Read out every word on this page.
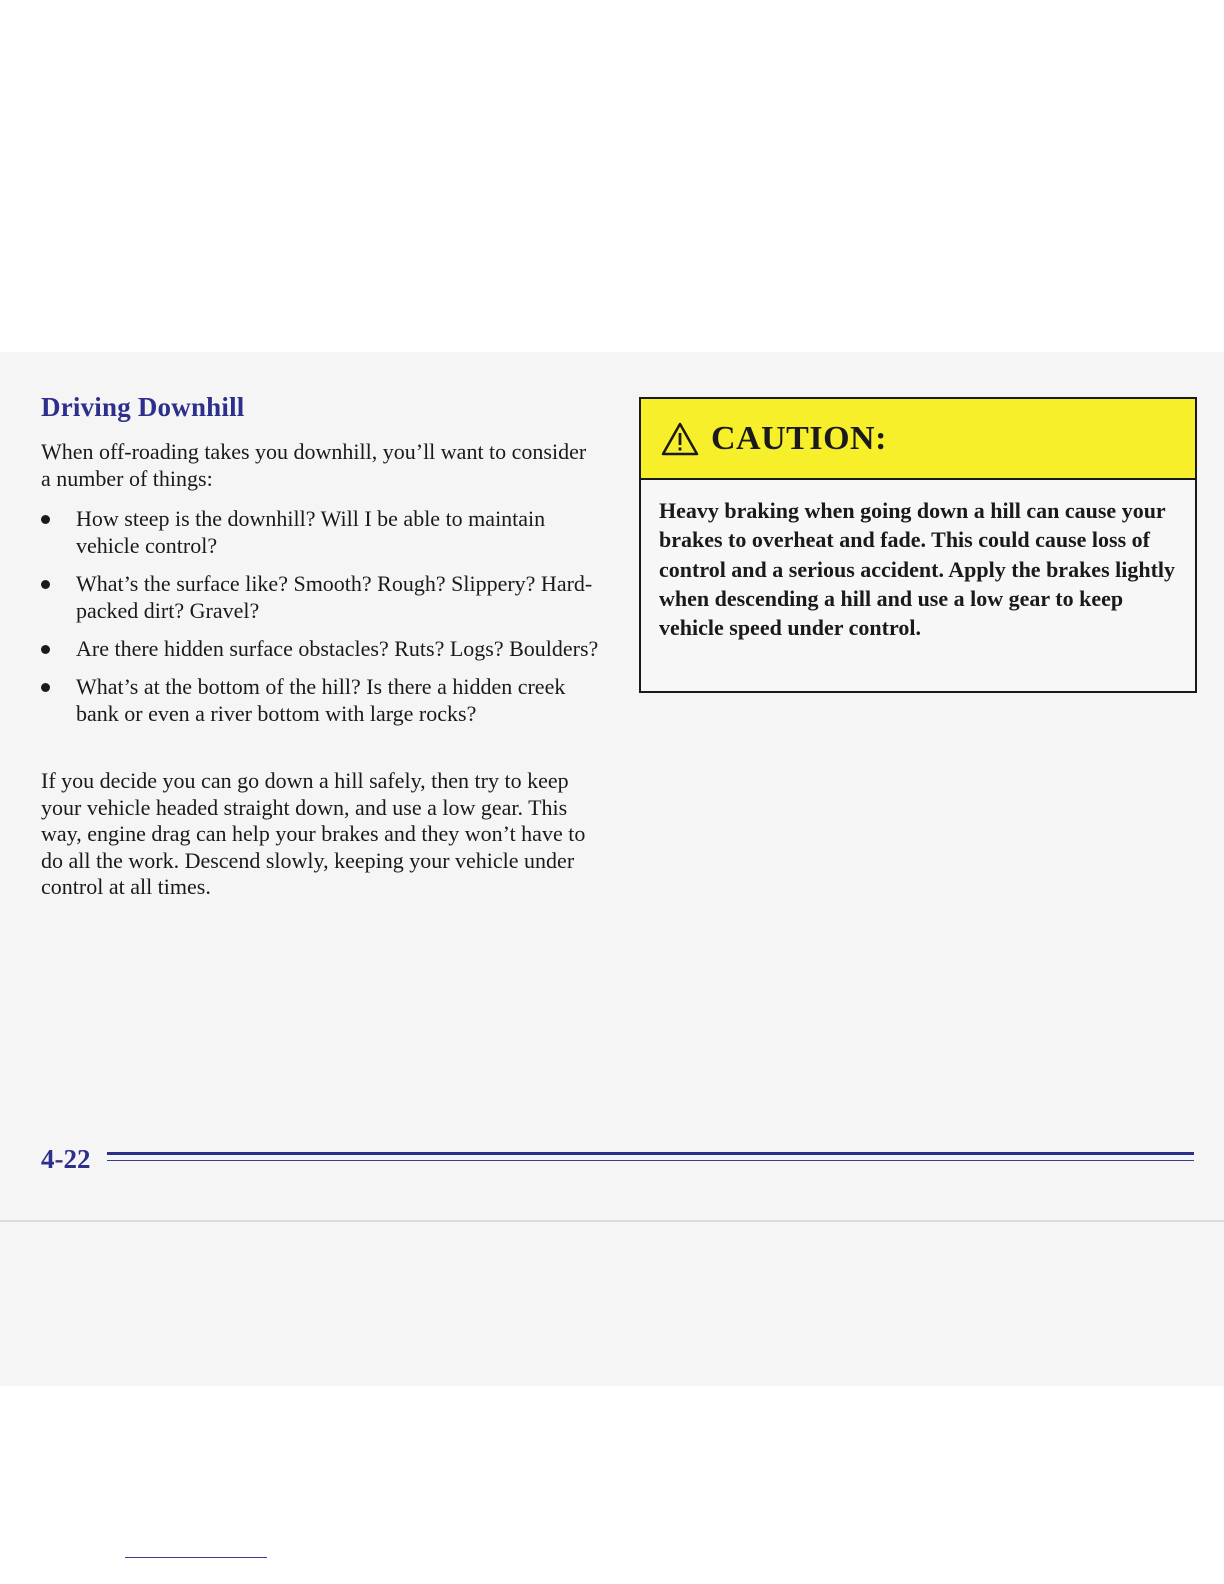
Driving Downhill

When off-roading takes you downhill, you’ll want to consider a number of things:

How steep is the downhill? Will I be able to maintain vehicle control?
What’s the surface like? Smooth? Rough? Slippery? Hard-packed dirt? Gravel?
Are there hidden surface obstacles? Ruts? Logs? Boulders?
What’s at the bottom of the hill? Is there a hidden creek bank or even a river bottom with large rocks?

If you decide you can go down a hill safely, then try to keep your vehicle headed straight down, and use a low gear. This way, engine drag can help your brakes and they won’t have to do all the work. Descend slowly, keeping your vehicle under control at all times.

CAUTION:

Heavy braking when going down a hill can cause your brakes to overheat and fade. This could cause loss of control and a serious accident. Apply the brakes lightly when descending a hill and use a low gear to keep vehicle speed under control.

4-22
